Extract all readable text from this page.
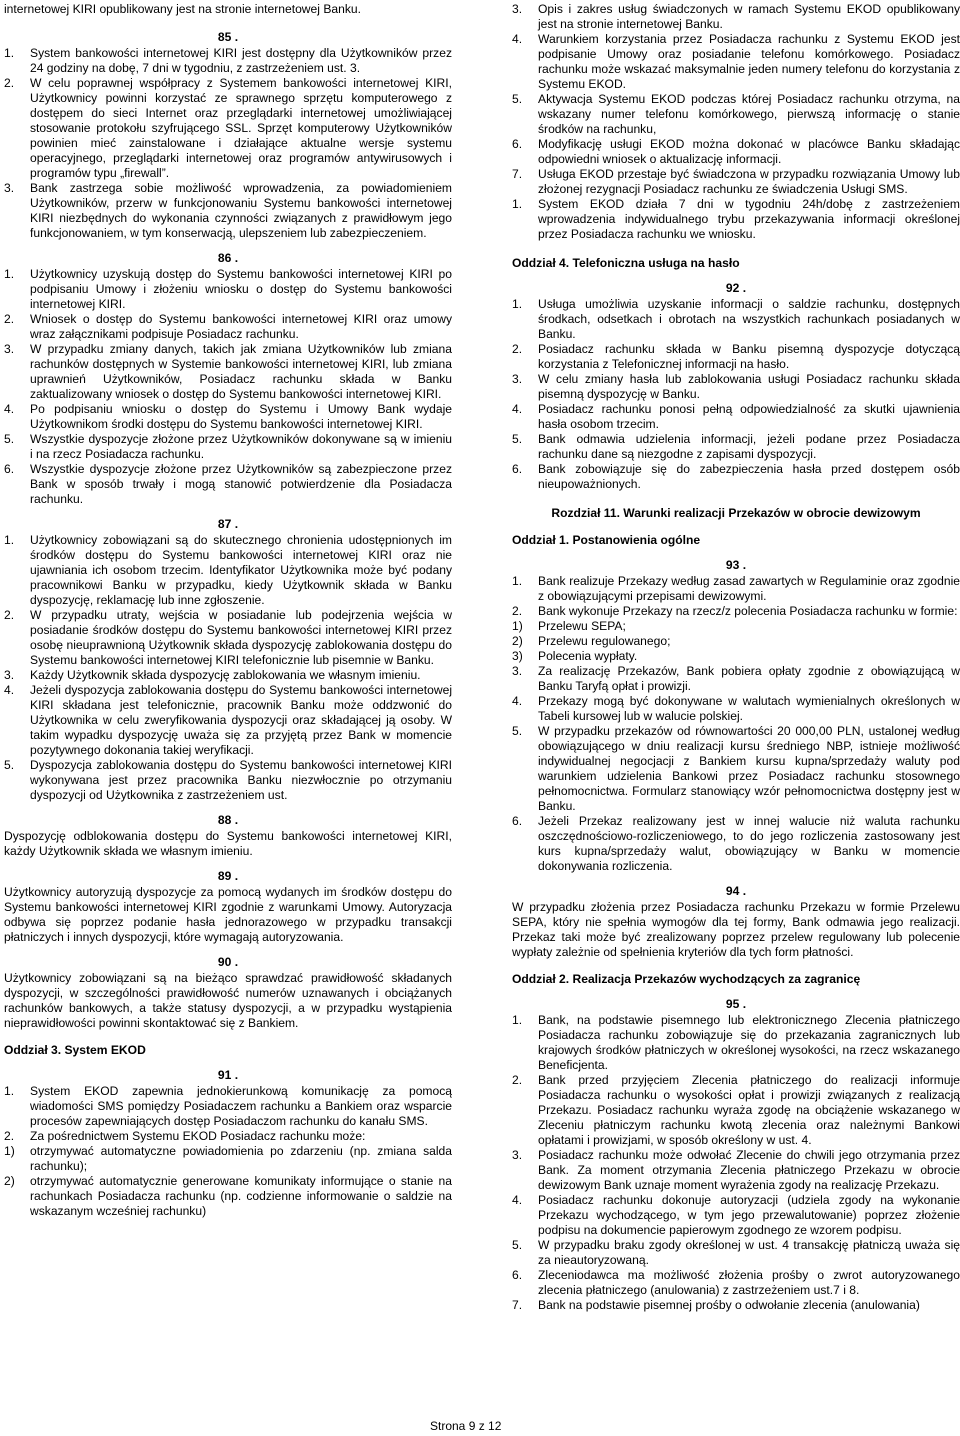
internetowej KIRI opublikowany jest na stronie internetowej Banku.

85 .
1.	System bankowości internetowej KIRI jest dostępny dla Użytkowników przez 24 godziny na dobę, 7 dni w tygodniu, z zastrzeżeniem ust. 3.
2.	W celu poprawnej współpracy z Systemem bankowości internetowej KIRI, Użytkownicy powinni korzystać ze sprawnego sprzętu komputerowego z dostępem do sieci Internet oraz przeglądarki internetowej umożliwiającej stosowanie protokołu szyfrującego SSL. Sprzęt komputerowy Użytkowników powinien mieć zainstalowane i działające aktualne wersje systemu operacyjnego, przeglądarki internetowej oraz programów antywirusowych i programów typu „firewall”.
3.	Bank zastrzega sobie możliwość wprowadzenia, za powiadomieniem Użytkowników, przerw w funkcjonowaniu Systemu bankowości internetowej KIRI niezbędnych do wykonania czynności związanych z prawidłowym jego funkcjonowaniem, w tym konserwacją, ulepszeniem lub zabezpieczeniem.
86 .
1.	Użytkownicy uzyskują dostęp do Systemu bankowości internetowej KIRI po podpisaniu Umowy i złożeniu wniosku o dostęp do Systemu bankowości internetowej KIRI.
2.	Wniosek o dostęp do Systemu bankowości internetowej KIRI oraz umowy wraz załącznikami podpisuje Posiadacz rachunku.
3.	W przypadku zmiany danych, takich jak zmiana Użytkowników lub zmiana rachunków dostępnych w Systemie bankowości internetowej KIRI, lub zmiana uprawnień Użytkowników, Posiadacz rachunku składa w Banku zaktualizowany wniosek o dostęp do Systemu bankowości internetowej KIRI.
4.	Po podpisaniu wniosku o dostęp do Systemu i Umowy Bank wydaje Użytkownikom środki dostępu do Systemu bankowości internetowej KIRI.
5.	Wszystkie dyspozycje złożone przez Użytkowników dokonywane są w imieniu i na rzecz Posiadacza rachunku.
6.	Wszystkie dyspozycje złożone przez Użytkowników są zabezpieczone przez Bank w sposób trwały i mogą stanowić potwierdzenie dla Posiadacza rachunku.
87 .
1.	Użytkownicy zobowiązani są do skutecznego chronienia udostępnionych im środków dostępu do Systemu bankowości internetowej KIRI oraz nie ujawniania ich osobom trzecim. Identyfikator Użytkownika może być podany pracownikowi Banku w przypadku, kiedy Użytkownik składa w Banku dyspozycję, reklamację lub inne zgłoszenie.
2.	W przypadku utraty, wejścia w posiadanie lub podejrzenia wejścia w posiadanie środków dostępu do Systemu bankowości internetowej KIRI przez osobę nieuprawnioną Użytkownik składa dyspozycję zablokowania dostępu do Systemu bankowości internetowej KIRI telefonicznie lub pisemnie w Banku.
3.	Każdy Użytkownik składa dyspozycję zablokowania we własnym imieniu.
4.	Jeżeli dyspozycja zablokowania dostępu do Systemu bankowości internetowej KIRI składana jest telefonicznie, pracownik Banku może oddzwonić do Użytkownika w celu zweryfikowania dyspozycji oraz składającej ją osoby. W takim wypadku dyspozycję uważa się za przyjętą przez Bank w momencie pozytywnego dokonania takiej weryfikacji.
5.	Dyspozycja zablokowania dostępu do Systemu bankowości internetowej KIRI wykonywana jest przez pracownika Banku niezwłocznie po otrzymaniu dyspozycji od Użytkownika z zastrzeżeniem ust.
88 .

Dyspozycję odblokowania dostępu do Systemu bankowości internetowej KIRI, każdy Użytkownik składa we własnym imieniu.

89 .

Użytkownicy autoryzują dyspozycje za pomocą wydanych im środków dostępu do Systemu bankowości internetowej KIRI zgodnie z warunkami Umowy. Autoryzacja odbywa się poprzez podanie hasła jednorazowego w przypadku transakcji płatniczych i innych dyspozycji, które wymagają autoryzowania.

90 .

Użytkownicy zobowiązani są na bieżąco sprawdzać prawidłowość składanych dyspozycji, w szczególności prawidłowość numerów uznawanych i obciążanych rachunków bankowych, a także statusy dyspozycji, a w przypadku wystąpienia nieprawidłowości powinni skontaktować się z Bankiem.

Oddział 3. System EKOD
91 .
1.	System EKOD zapewnia jednokierunkową komunikację za pomocą wiadomości SMS pomiędzy Posiadaczem rachunku a Bankiem oraz wsparcie procesów zapewniających dostęp Posiadaczom rachunku do kanału SMS.
2.	Za pośrednictwem Systemu EKOD Posiadacz rachunku może:
1)	otrzymywać automatyczne powiadomienia po zdarzeniu (np. zmiana salda rachunku);
2)	otrzymywać automatycznie generowane komunikaty informujące o stanie na rachunkach Posiadacza rachunku (np. codzienne informowanie o saldzie na wskazanym wcześniej rachunku)
3.	Opis i zakres usług świadczonych w ramach Systemu EKOD opublikowany jest na stronie internetowej Banku.
4.	Warunkiem korzystania przez Posiadacza rachunku z Systemu EKOD jest podpisanie Umowy oraz posiadanie telefonu komórkowego. Posiadacz rachunku może wskazać maksymalnie jeden numery telefonu do korzystania z Systemu EKOD.
5.	Aktywacja Systemu EKOD podczas której Posiadacz rachunku otrzyma, na wskazany numer telefonu komórkowego, pierwszą informację o stanie środków na rachunku,
6.	Modyfikację usługi EKOD można dokonać w placówce Banku składając odpowiedni wniosek o aktualizację informacji.
7.	Usługa EKOD przestaje być świadczona w przypadku rozwiązania Umowy lub złożonej rezygnacji Posiadacz rachunku ze świadczenia Usługi SMS.
1.	System EKOD działa 7 dni w tygodniu 24h/dobę z zastrzeżeniem wprowadzenia indywidualnego trybu przekazywania informacji określonej przez Posiadacza rachunku we wniosku.
Oddział 4. Telefoniczna usługa na hasło
92 .
1.	Usługa umożliwia uzyskanie informacji o saldzie rachunku, dostępnych środkach, odsetkach i obrotach na wszystkich rachunkach posiadanych w Banku.
2.	Posiadacz rachunku składa w Banku pisemną dyspozycje dotyczącą korzystania z Telefonicznej informacji na hasło.
3.	W celu zmiany hasła lub zablokowania usługi Posiadacz rachunku składa pisemną dyspozycję w Banku.
4.	Posiadacz rachunku ponosi pełną odpowiedzialność za skutki ujawnienia hasła osobom trzecim.
5.	Bank odmawia udzielenia informacji, jeżeli podane przez Posiadacza rachunku dane są niezgodne z zapisami dyspozycji.
6.	Bank zobowiązuje się do zabezpieczenia hasła przed dostępem osób nieupoważnionych.
Rozdział 11. Warunki realizacji Przekazów w obrocie dewizowym
Oddział 1. Postanowienia ogólne
93 .
1.	Bank realizuje Przekazy według zasad zawartych w Regulaminie oraz zgodnie z obowiązującymi przepisami dewizowymi.
2.	Bank wykonuje Przekazy na rzecz/z polecenia Posiadacza rachunku w formie:
1)	Przelewu SEPA;
2)	Przelewu regulowanego;
3)	Polecenia wypłaty.
3.	Za realizację Przekazów, Bank pobiera opłaty zgodnie z obowiązującą w Banku Taryfą opłat i prowizji.
4.	Przekazy mogą być dokonywane w walutach wymienialnych określonych w Tabeli kursowej lub w walucie polskiej.
5.	W przypadku przekazów od równowartości 20 000,00 PLN, ustalonej według obowiązującego w dniu realizacji kursu średniego NBP, istnieje możliwość indywidualnej negocjacji z Bankiem kursu kupna/sprzedaży waluty pod warunkiem udzielenia Bankowi przez Posiadacz rachunku stosownego pełnomocnictwa. Formularz stanowiący wzór pełnomocnictwa dostępny jest w Banku.
6.	Jeżeli Przekaz realizowany jest w innej walucie niż waluta rachunku oszczędnościowo-rozliczeniowego, to do jego rozliczenia zastosowany jest kurs kupna/sprzedaży walut, obowiązujący w Banku w momencie dokonywania rozliczenia.
94 .

W przypadku złożenia przez Posiadacza rachunku Przekazu w formie Przelewu SEPA, który nie spełnia wymogów dla tej formy, Bank odmawia jego realizacji. Przekaz taki może być zrealizowany poprzez przelew regulowany lub polecenie wypłaty zależnie od spełnienia kryteriów dla tych form płatności.

Oddział 2. Realizacja Przekazów wychodzących za zagranicę
95 .
1.	Bank, na podstawie pisemnego lub elektronicznego Zlecenia płatniczego Posiadacza rachunku zobowiązuje się do przekazania zagranicznych lub krajowych środków płatniczych w określonej wysokości, na rzecz wskazanego Beneficjenta.
2.	Bank przed przyjęciem Zlecenia płatniczego do realizacji informuje Posiadacza rachunku o wysokości opłat i prowizji związanych z realizacją Przekazu. Posiadacz rachunku wyraża zgodę na obciążenie wskazanego w Zleceniu płatniczym rachunku kwotą zlecenia oraz należnymi Bankowi opłatami i prowizjami, w sposób określony w ust. 4.
3.	Posiadacz rachunku może odwołać Zlecenie do chwili jego otrzymania przez Bank. Za moment otrzymania Zlecenia płatniczego Przekazu w obrocie dewizowym Bank uznaje moment wyrażenia zgody na realizację Przekazu.
4.	Posiadacz rachunku dokonuje autoryzacji (udziela zgody na wykonanie Przekazu wychodzącego, w tym jego przewalutowanie) poprzez złożenie podpisu na dokumencie papierowym zgodnego ze wzorem podpisu.
5.	W przypadku braku zgody określonej w ust. 4 transakcję płatniczą uważa się za nieautoryzowaną.
6.	Zleceniodawca ma możliwość złożenia prośby o zwrot autoryzowanego zlecenia płatniczego (anulowania) z zastrzeżeniem ust.7 i 8.
7.	Bank na podstawie pisemnej prośby o odwołanie zlecenia (anulowania)
Strona 9 z 12
